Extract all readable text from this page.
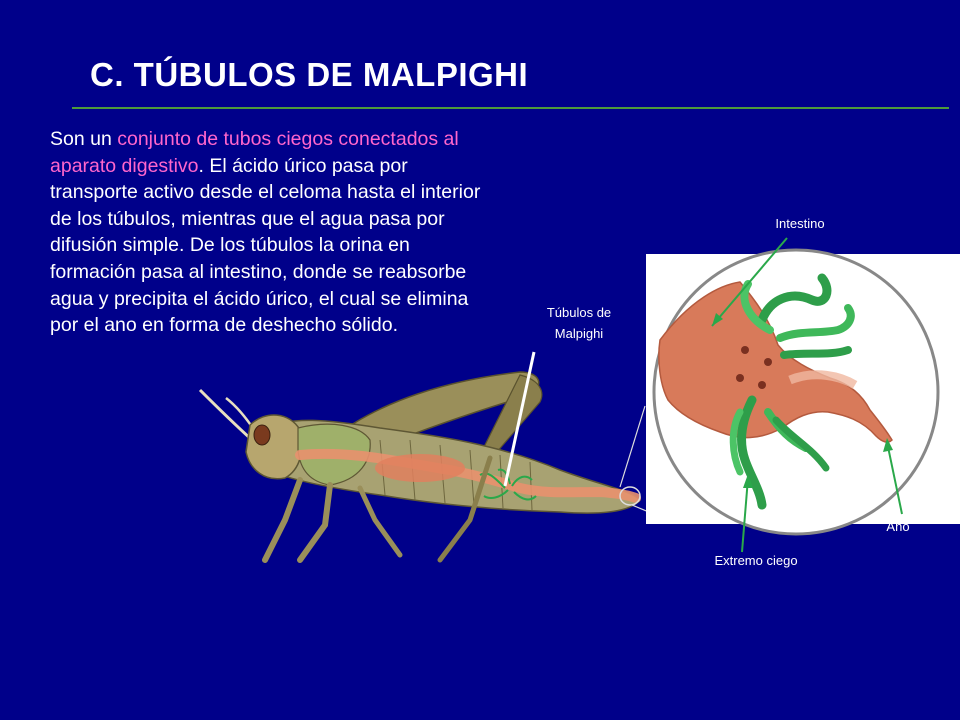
C. TÚBULOS DE MALPIGHI

Son un conjunto de tubos ciegos conectados al aparato digestivo. El ácido úrico pasa por transporte activo desde el celoma hasta el interior de los túbulos, mientras que el agua pasa por difusión simple. De los túbulos la orina en formación pasa al intestino, donde se reabsorbe agua y precipita el ácido úrico, el cual se elimina por el ano en forma de deshecho sólido.

Túbulos de
Malpighi
Intestino
Extremo ciego
Ano
